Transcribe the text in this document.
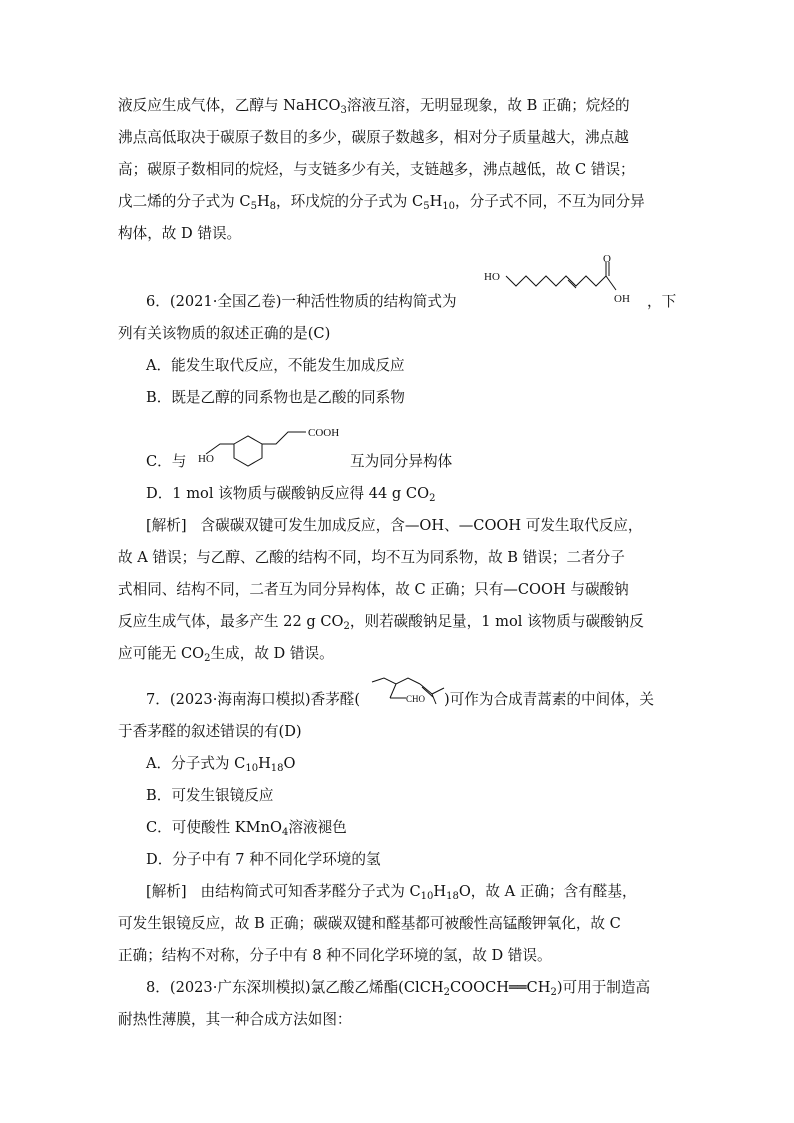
液反应生成气体，乙醇与 NaHCO$_3$溶液互溶，无明显现象，故 B 正确；烷烃的
沸点高低取决于碳原子数目的多少，碳原子数越多，相对分子质量越大，沸点越
高；碳原子数相同的烷烃，与支链多少有关，支链越多，沸点越低，故 C 错误；
戊二烯的分子式为 $C_5H_8$，环戊烷的分子式为 $C_5H_{10}$，分子式不同，不互为同分异
构体，故 D 错误。
6．(2021·全国乙卷)一种活性物质的结构简式为
HO
O
OH ，下
列有关该物质的叙述正确的是(C)
A．能发生取代反应，不能发生加成反应
B．既是乙醇的同系物也是乙酸的同系物
COOH
HO
C．与	互为同分异构体
D．1 mol 该物质与碳酸钠反应得 44 g $CO_2$
[解析] 含碳碳双键可发生加成反应，含—OH、—COOH 可发生取代反应，
故 A 错误；与乙醇、乙酸的结构不同，均不互为同系物，故 B 错误；二者分子
式相同、结构不同，二者互为同分异构体，故 C 正确；只有—COOH 与碳酸钠
反应生成气体，最多产生 22 g $CO_2$，则若碳酸钠足量，1 mol 该物质与碳酸钠反
应可能无 $CO_2$生成，故 D 错误。
7．(2023·海南海口模拟)香茅醛(	CHO )可作为合成青蒿素的中间体，关
于香茅醛的叙述错误的有(D)
A．分子式为 $C_{10}H_{18}O$
B．可发生银镜反应
C．可使酸性 KMnO$_4$溶液褪色
D．分子中有 7 种不同化学环境的氢
[解析] 由结构简式可知香茅醛分子式为 $C_{10}H_{18}O$，故 A 正确；含有醛基，
可发生银镜反应，故 B 正确；碳碳双键和醛基都可被酸性高锰酸钾氧化，故 C
正确；结构不对称，分子中有 8 种不同化学环境的氢，故 D 错误。
8．(2023·广东深圳模拟)氯乙酸乙烯酯$(ClCH_2COOCH══CH_2)$可用于制造高
耐热性薄膜，其一种合成方法如图：
